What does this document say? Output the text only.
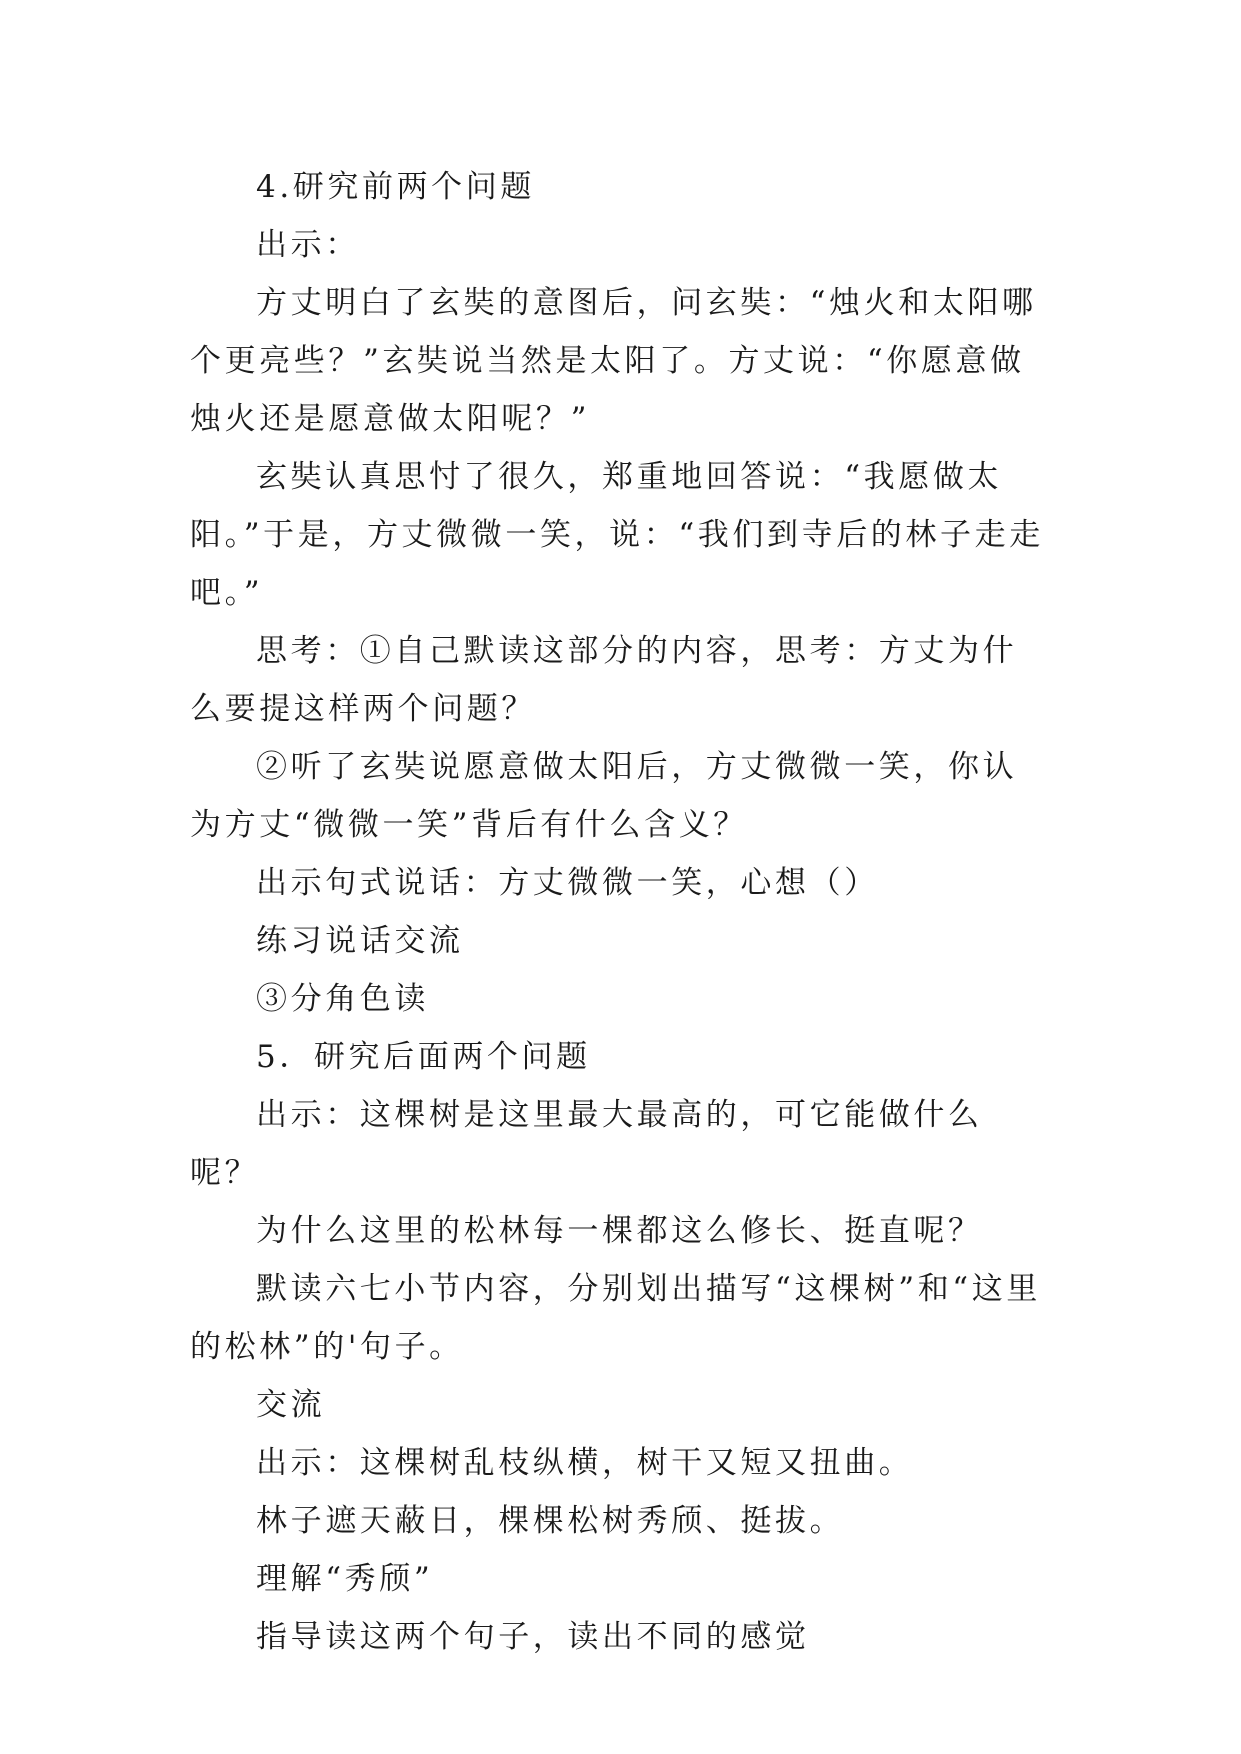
4.研究前两个问题

出示：

方丈明白了玄奘的意图后，问玄奘：“烛火和太阳哪个更亮些？”玄奘说当然是太阳了。方丈说：“你愿意做烛火还是愿意做太阳呢？”

玄奘认真思忖了很久，郑重地回答说：“我愿做太阳。”于是，方丈微微一笑，说：“我们到寺后的林子走走吧。”

思考：①自己默读这部分的内容，思考：方丈为什么要提这样两个问题？

②听了玄奘说愿意做太阳后，方丈微微一笑，你认为方丈“微微一笑”背后有什么含义？

出示句式说话：方丈微微一笑，心想（）

练习说话交流

③分角色读

5．研究后面两个问题

出示：这棵树是这里最大最高的，可它能做什么呢？

为什么这里的松林每一棵都这么修长、挺直呢？

默读六七小节内容，分别划出描写“这棵树”和“这里的松林”的'句子。

交流

出示：这棵树乱枝纵横，树干又短又扭曲。

林子遮天蔽日，棵棵松树秀颀、挺拔。

理解“秀颀”

指导读这两个句子，读出不同的感觉
